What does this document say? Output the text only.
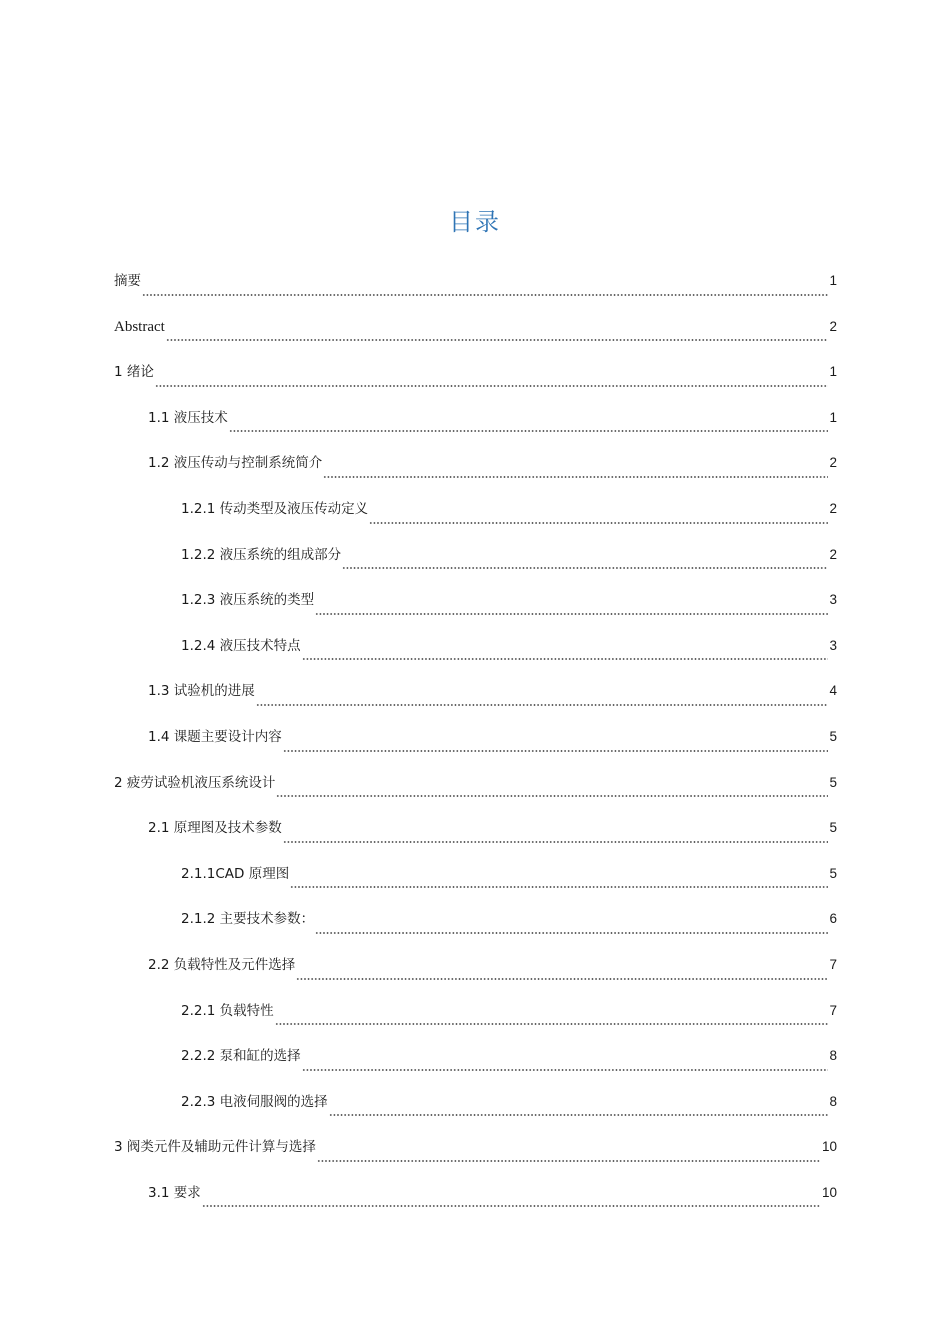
目录
摘要	1
Abstract	2
1 绪论	1
1.1 液压技术	1
1.2 液压传动与控制系统简介	2
1.2.1 传动类型及液压传动定义	2
1.2.2 液压系统的组成部分	2
1.2.3 液压系统的类型	3
1.2.4 液压技术特点	3
1.3 试验机的进展	4
1.4 课题主要设计内容	5
2 疲劳试验机液压系统设计	5
2.1 原理图及技术参数	5
2.1.1CAD 原理图	5
2.1.2 主要技术参数：	6
2.2 负载特性及元件选择	7
2.2.1 负载特性	7
2.2.2 泵和缸的选择	8
2.2.3 电液伺服阀的选择	8
3 阀类元件及辅助元件计算与选择	10
3.1 要求	10
